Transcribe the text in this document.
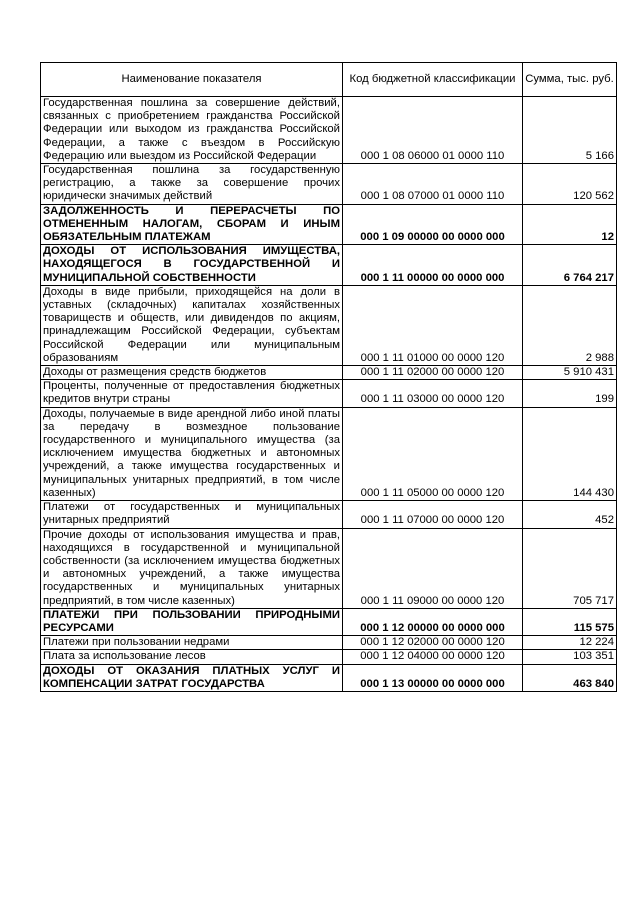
Наименование показателя	Код бюджетной классификации	Сумма, тыс. руб.
Государственная пошлина за совершение действий, связанных с приобретением гражданства Российской Федерации или выходом из гражданства Российской Федерации, а также с въездом в Российскую Федерацию или выездом из Российской Федерации	000 1 08 06000 01 0000 110	5 166
Государственная пошлина за государственную регистрацию, а также за совершение прочих юридически значимых действий	000 1 08 07000 01 0000 110	120 562
ЗАДОЛЖЕННОСТЬ И ПЕРЕРАСЧЕТЫ ПО ОТМЕНЕННЫМ НАЛОГАМ, СБОРАМ И ИНЫМ ОБЯЗАТЕЛЬНЫМ ПЛАТЕЖАМ	000 1 09 00000 00 0000 000	12
ДОХОДЫ ОТ ИСПОЛЬЗОВАНИЯ ИМУЩЕСТВА, НАХОДЯЩЕГОСЯ В ГОСУДАРСТВЕННОЙ И МУНИЦИПАЛЬНОЙ СОБСТВЕННОСТИ	000 1 11 00000 00 0000 000	6 764 217
Доходы в виде прибыли, приходящейся на доли в уставных (складочных) капиталах хозяйственных товариществ и обществ, или дивидендов по акциям, принадлежащим Российской Федерации, субъектам Российской Федерации или муниципальным образованиям	000 1 11 01000 00 0000 120	2 988
Доходы от размещения средств бюджетов	000 1 11 02000 00 0000 120	5 910 431
Проценты, полученные от предоставления бюджетных кредитов внутри страны	000 1 11 03000 00 0000 120	199
Доходы, получаемые в виде арендной либо иной платы за передачу в возмездное пользование государственного и муниципального имущества (за исключением имущества бюджетных и автономных учреждений, а также имущества государственных и муниципальных унитарных предприятий, в том числе казенных)	000 1 11 05000 00 0000 120	144 430
Платежи от государственных и муниципальных унитарных предприятий	000 1 11 07000 00 0000 120	452
Прочие доходы от использования имущества и прав, находящихся в государственной и муниципальной собственности (за исключением имущества бюджетных и автономных учреждений, а также имущества государственных и муниципальных унитарных предприятий, в том числе казенных)	000 1 11 09000 00 0000 120	705 717
ПЛАТЕЖИ ПРИ ПОЛЬЗОВАНИИ ПРИРОДНЫМИ РЕСУРСАМИ	000 1 12 00000 00 0000 000	115 575
Платежи при пользовании недрами	000 1 12 02000 00 0000 120	12 224
Плата за использование лесов	000 1 12 04000 00 0000 120	103 351
ДОХОДЫ ОТ ОКАЗАНИЯ ПЛАТНЫХ УСЛУГ И КОМПЕНСАЦИИ ЗАТРАТ ГОСУДАРСТВА	000 1 13 00000 00 0000 000	463 840
